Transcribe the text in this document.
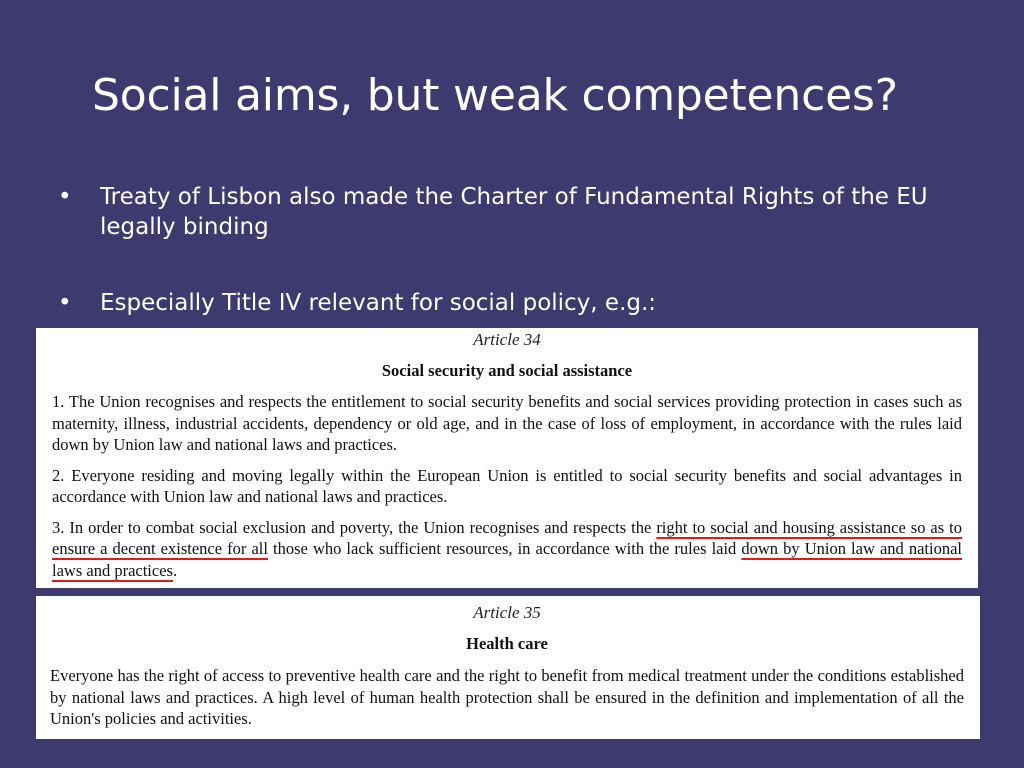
Social aims, but weak competences?
• Treaty of Lisbon also made the Charter of Fundamental Rights of the EU legally binding
• Especially Title IV relevant for social policy, e.g.:
Article 34
Social security and social assistance

1. The Union recognises and respects the entitlement to social security benefits and social services providing protection in cases such as maternity, illness, industrial accidents, dependency or old age, and in the case of loss of employment, in accordance with the rules laid down by Union law and national laws and practices.

2. Everyone residing and moving legally within the European Union is entitled to social security benefits and social advantages in accordance with Union law and national laws and practices.

3. In order to combat social exclusion and poverty, the Union recognises and respects the right to social and housing assistance so as to ensure a decent existence for all those who lack sufficient resources, in accordance with the rules laid down by Union law and national laws and practices.

Article 35
Health care

Everyone has the right of access to preventive health care and the right to benefit from medical treatment under the conditions established by national laws and practices. A high level of human health protection shall be ensured in the definition and implementation of all the Union's policies and activities.
